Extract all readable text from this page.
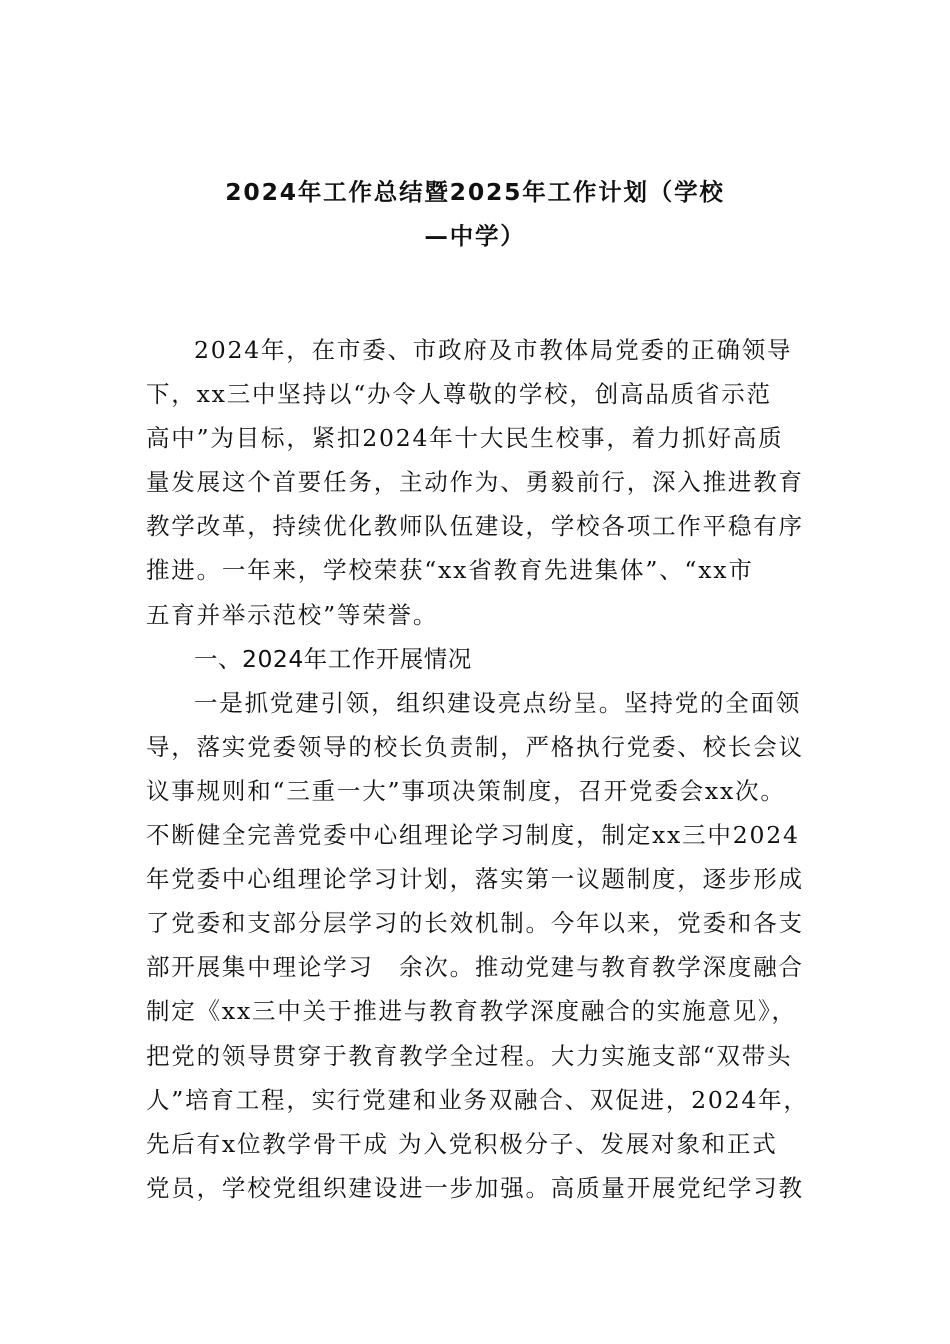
2024年工作总结暨2025年工作计划（学校
—中学）
2024年，在市委、市政府及市教体局党委的正确领导
下，xx三中坚持以“办令人尊敬的学校，创高品质省示范
高中”为目标，紧扣2024年十大民生校事，着力抓好高质
量发展这个首要任务，主动作为、勇毅前行，深入推进教育
教学改革，持续优化教师队伍建设，学校各项工作平稳有序
推进。一年来，学校荣获“xx省教育先进集体”、“xx市
五育并举示范校”等荣誉。
一、2024年工作开展情况
一是抓党建引领，组织建设亮点纷呈。坚持党的全面领
导，落实党委领导的校长负责制，严格执行党委、校长会议
议事规则和“三重一大”事项决策制度，召开党委会xx次。
不断健全完善党委中心组理论学习制度，制定xx三中2024
年党委中心组理论学习计划，落实第一议题制度，逐步形成
了党委和支部分层学习的长效机制。今年以来，党委和各支
部开展集中理论学习　余次。推动党建与教育教学深度融合
制定《xx三中关于推进与教育教学深度融合的实施意见》，
把党的领导贯穿于教育教学全过程。大力实施支部“双带头
人”培育工程，实行党建和业务双融合、双促进，2024年，
先后有x位教学骨干成 为入党积极分子、发展对象和正式
党员，学校党组织建设进一步加强。高质量开展党纪学习教
